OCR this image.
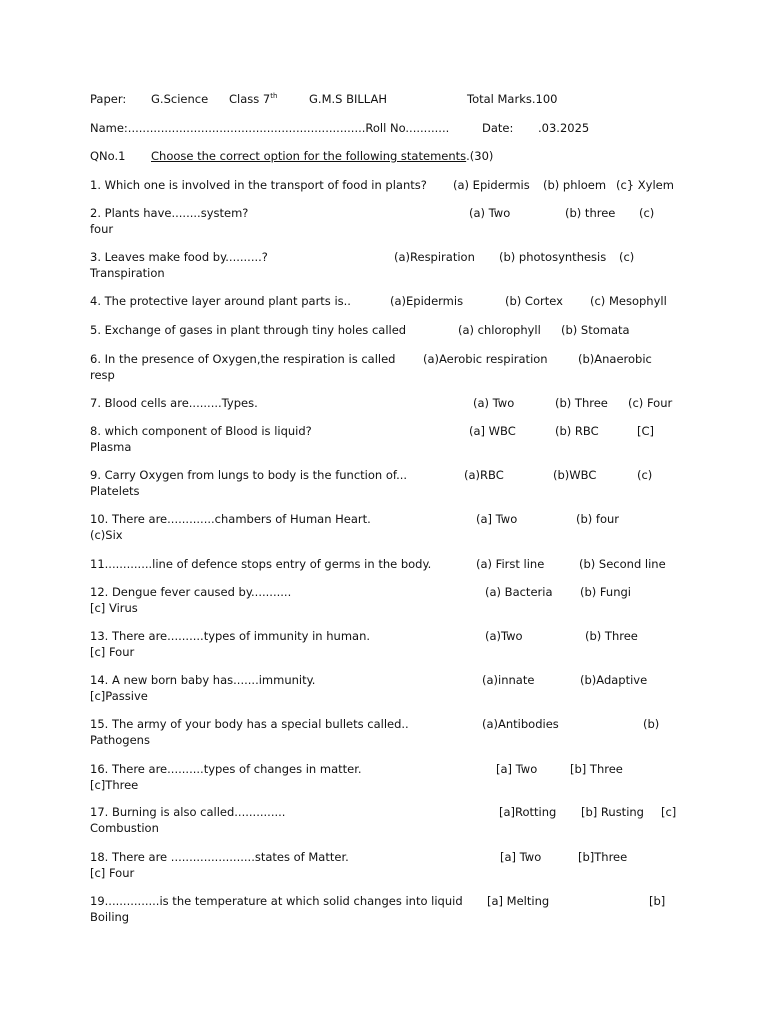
Paper: G.Science Class 7th	G.M.S BILLAH	Total Marks.100
Name:.................................................................Roll No............	Date: .03.2025
QNo.1 Choose the correct option for the following statements.(30)
1. Which one is involved in the transport of food in plants? (a) Epidermis (b) phloem (c} Xylem
2. Plants have........system?	(a) Two	(b) three (c)
four
3. Leaves make food by..........?	(a)Respiration (b) photosynthesis (c)
Transpiration
4. The protective layer around plant parts is..	(a)Epidermis	(b) Cortex (c) Mesophyll
5. Exchange of gases in plant through tiny holes called	(a) chlorophyll (b) Stomata
6. In the presence of Oxygen,the respiration is called (a)Aerobic respiration	(b)Anaerobic
resp
7. Blood cells are.........Types.	(a) Two	(b) Three (c) Four
8. which component of Blood is liquid?	(a] WBC	(b) RBC	[C]
Plasma
9. Carry Oxygen from lungs to body is the function of...	(a)RBC	(b)WBC	(c)
Platelets
10. There are.............chambers of Human Heart.	(a] Two	(b) four
(c)Six
11.............line of defence stops entry of germs in the body.	(a) First line	(b) Second line
12. Dengue fever caused by...........	(a) Bacteria (b) Fungi
[c] Virus
13. There are..........types of immunity in human.	(a)Two	(b) Three
[c] Four
14. A new born baby has.......immunity.	(a)innate	(b)Adaptive
[c]Passive
15. The army of your body has a special bullets called..	(a)Antibodies	(b)
Pathogens
16. There are..........types of changes in matter.	[a] Two	[b] Three
[c]Three
17. Burning is also called..............	[a]Rotting [b] Rusting [c]
Combustion
18. There are .......................states of Matter.	[a] Two	[b]Three
[c] Four
19...............is the temperature at which solid changes into liquid [a] Melting	[b]
Boiling
